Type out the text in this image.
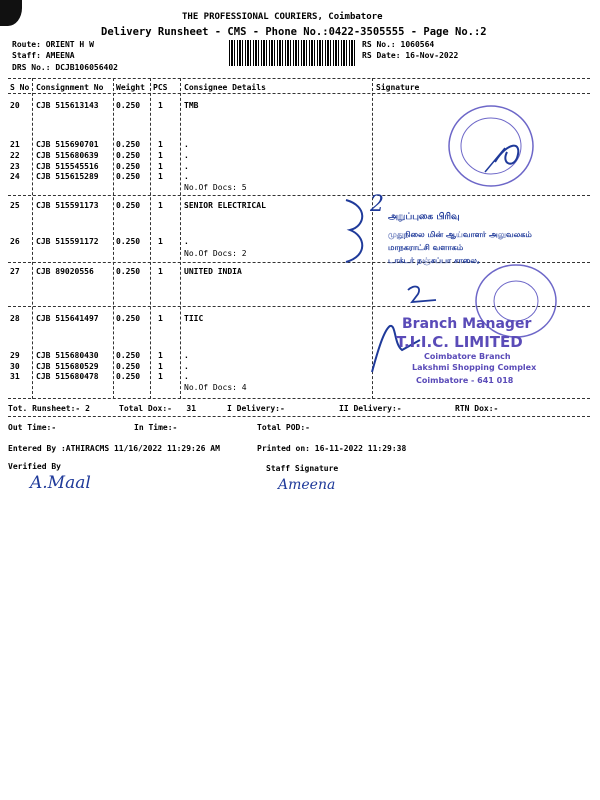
THE PROFESSIONAL COURIERS, Coimbatore
Delivery Runsheet - CMS - Phone No.:0422-3505555 - Page No.:2
Route: ORIENT H W
Staff: AMEENA
DRS No.: DCJB106056402
RS No.: 1060564
RS Date: 16-Nov-2022
S No Consignment No Weight PCS Consignee Details	Signature
20 CJB 515613143 0.250 1	TMB
21 CJB 515690701 0.250 1	.
22 CJB 515680639 0.250 1	.
23 CJB 515545516 0.250 1	.
24 CJB 515615289 0.250 1	.
No.Of Docs: 5
25 CJB 515591173 0.250 1	SENIOR ELECTRICAL
26 CJB 515591172 0.250 1	.
No.Of Docs: 2
27 CJB 89020556	0.250 1	UNITED INDIA
28 CJB 515641497 0.250 1	TIIC
29 CJB 515680430 0.250 1	.
30 CJB 515680529 0.250 1	.
31 CJB 515680478 0.250 1	.
No.Of Docs: 4
Tot. Runsheet:- 2	Total Dox:-   31	I Delivery:-	II Delivery:-	RTN Dox:-
Out Time:-	In Time:-	Total POD:-
Entered By :ATHIRACMS 11/16/2022 11:29:26 AM	Printed on: 16-11-2022 11:29:38
Verified By	Staff Signature
A.Maal	Ameena
2 அறுப்புகை பிரிவு
முதுநிலை மின் ஆய்வாளர் அலுவலகம்
மாநகராட்சி வளாகம்
டாக்டர் நஞ்சப்பா சாலை,
Branch Manager
T.I.I.C. LIMITED
Coimbatore Branch
Lakshmi Shopping Complex
Coimbatore - 641 018
